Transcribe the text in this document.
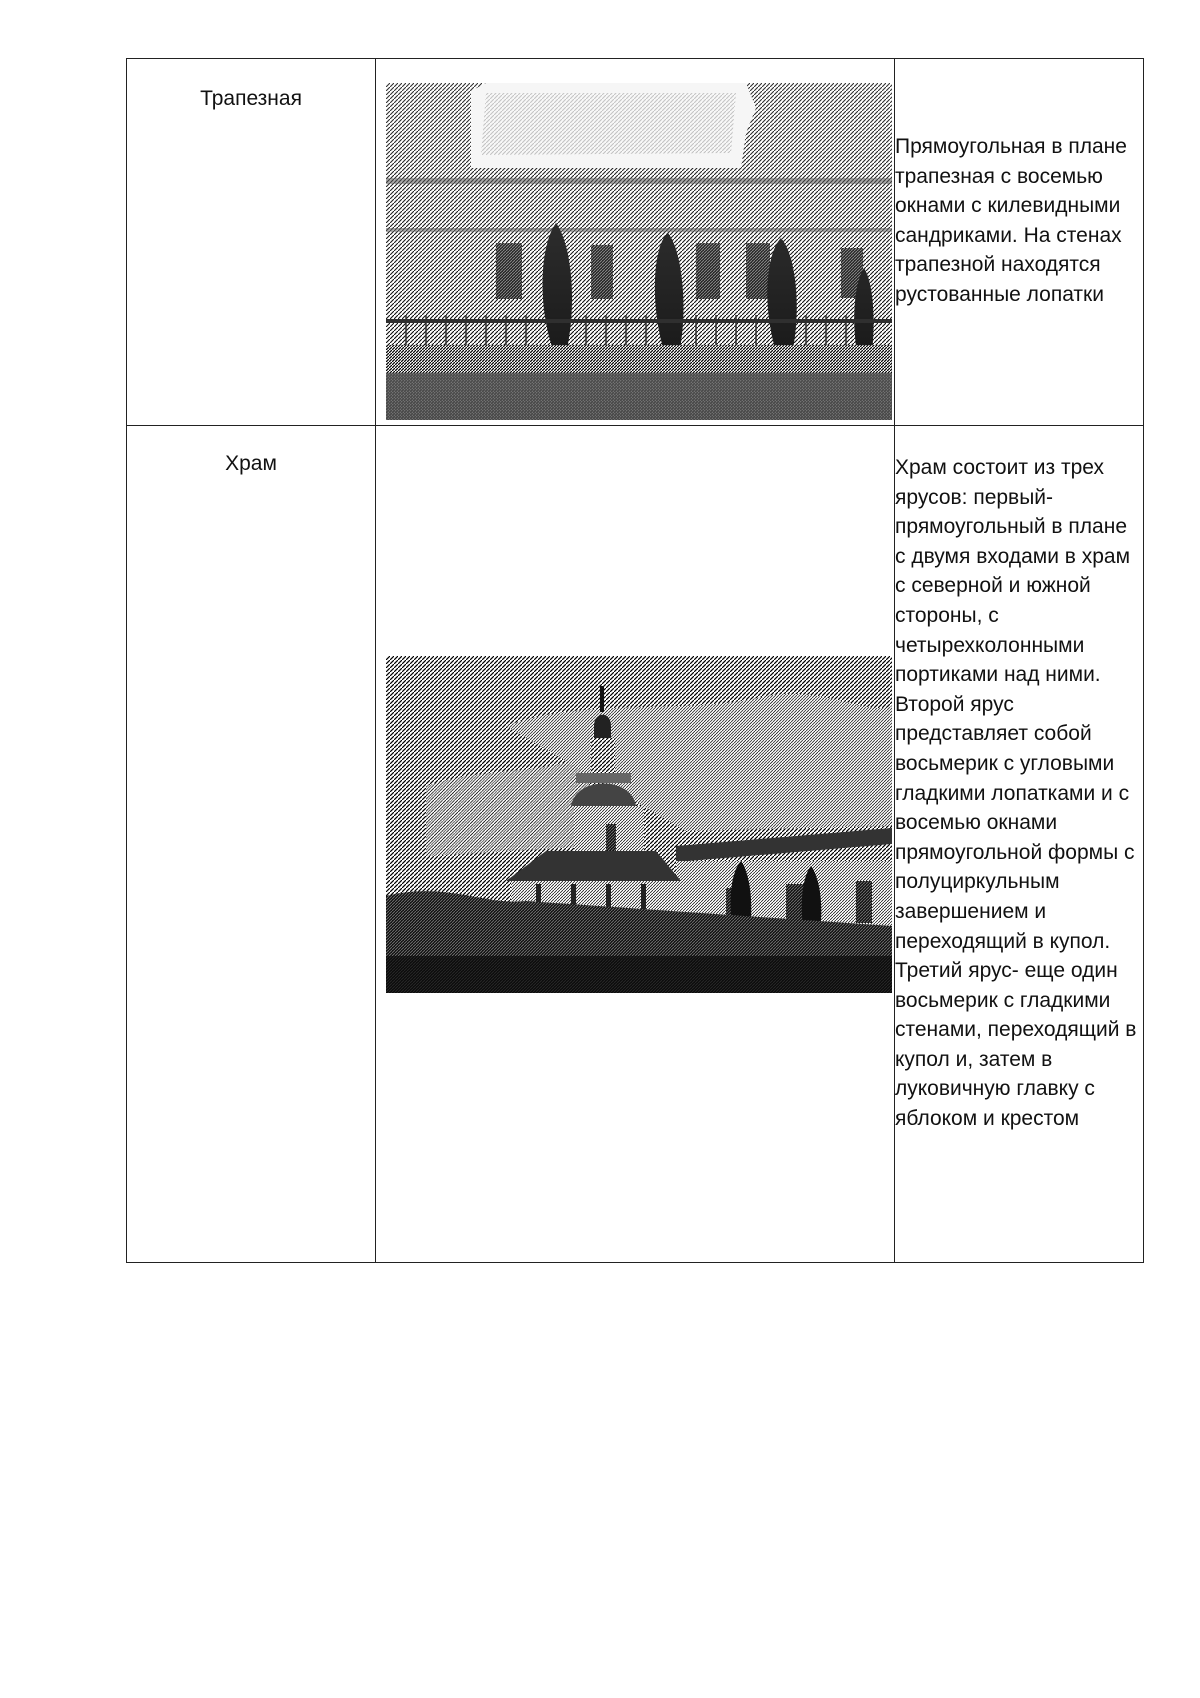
Трапезная		Прямоугольная в плане трапезная с восемью окнами с килевидными сандриками. На стенах трапезной находятся рустованные лопатки

Храм		Храм состоит из трех ярусов: первый-прямоугольный в плане с двумя входами в храм с северной и южной стороны, с четырехколонными портиками над ними. Второй ярус представляет собой восьмерик с угловыми гладкими лопатками и с восемью окнами прямоугольной формы с полуциркульным завершением и переходящий в купол. Третий ярус- еще один восьмерик с гладкими стенами, переходящий в купол и, затем в луковичную главку с яблоком и крестом
